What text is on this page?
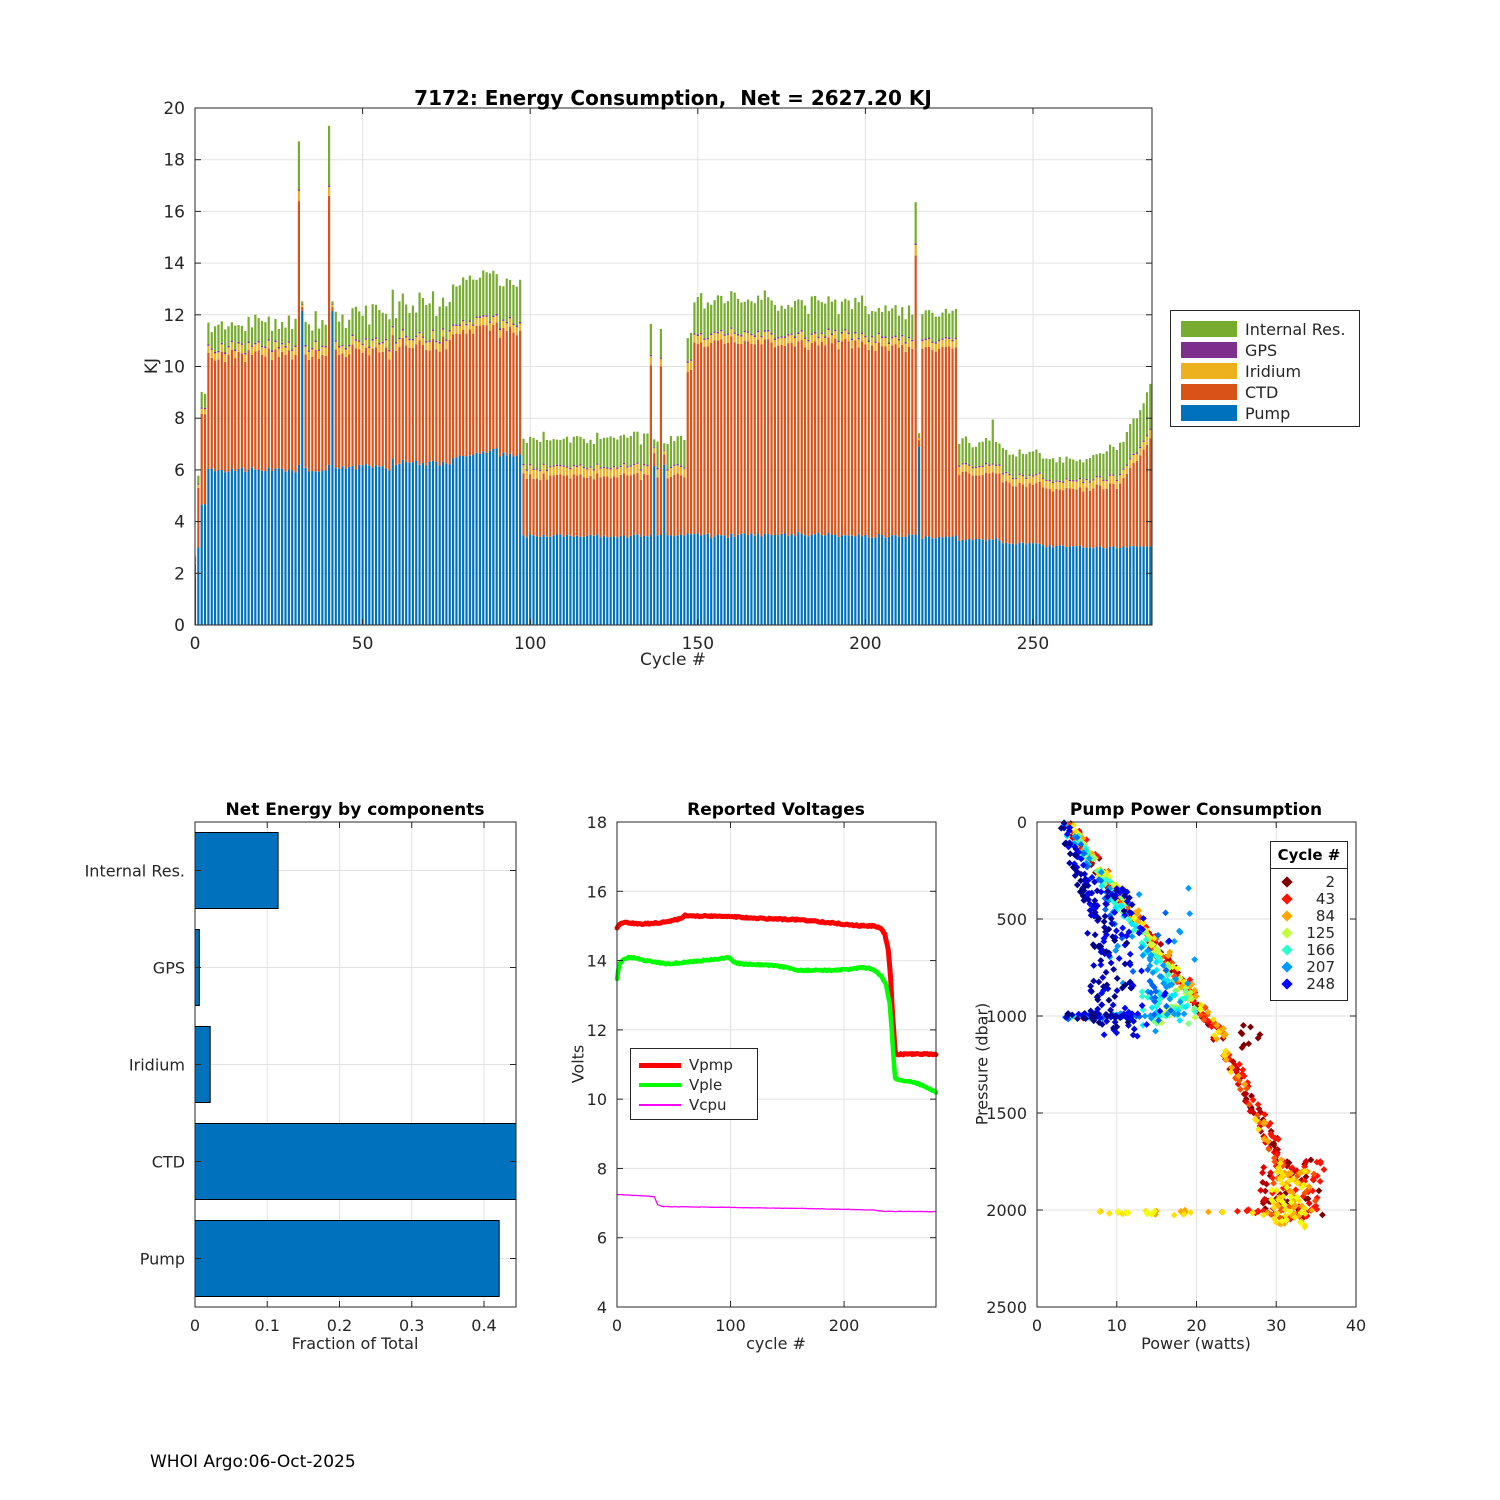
0	50	100	150	200	250
0
2
4
6
8
10
12
14
16
18
20
0	0.1	0.2	0.3	0.4
Internal Res.
GPS
Iridium
CTD
Pump
0	100	200
4
6
8
10
12
14
16
18
0	10	20	30	40
0
500
1000
1500
2000
2500
7172: Energy Consumption,  Net = 2627.20 KJ
Cycle #
KJ
Internal Res.
GPS
Iridium
CTD
Pump
Net Energy by components
Fraction of Total
Reported Voltages
cycle #
Volts	Vpmp
Vple
Vcpu
Pump Power Consumption
Power (watts)
Pressure (dbar)
Cycle #
2
43
84
125
166
207
248
WHOI Argo:06-Oct-2025
